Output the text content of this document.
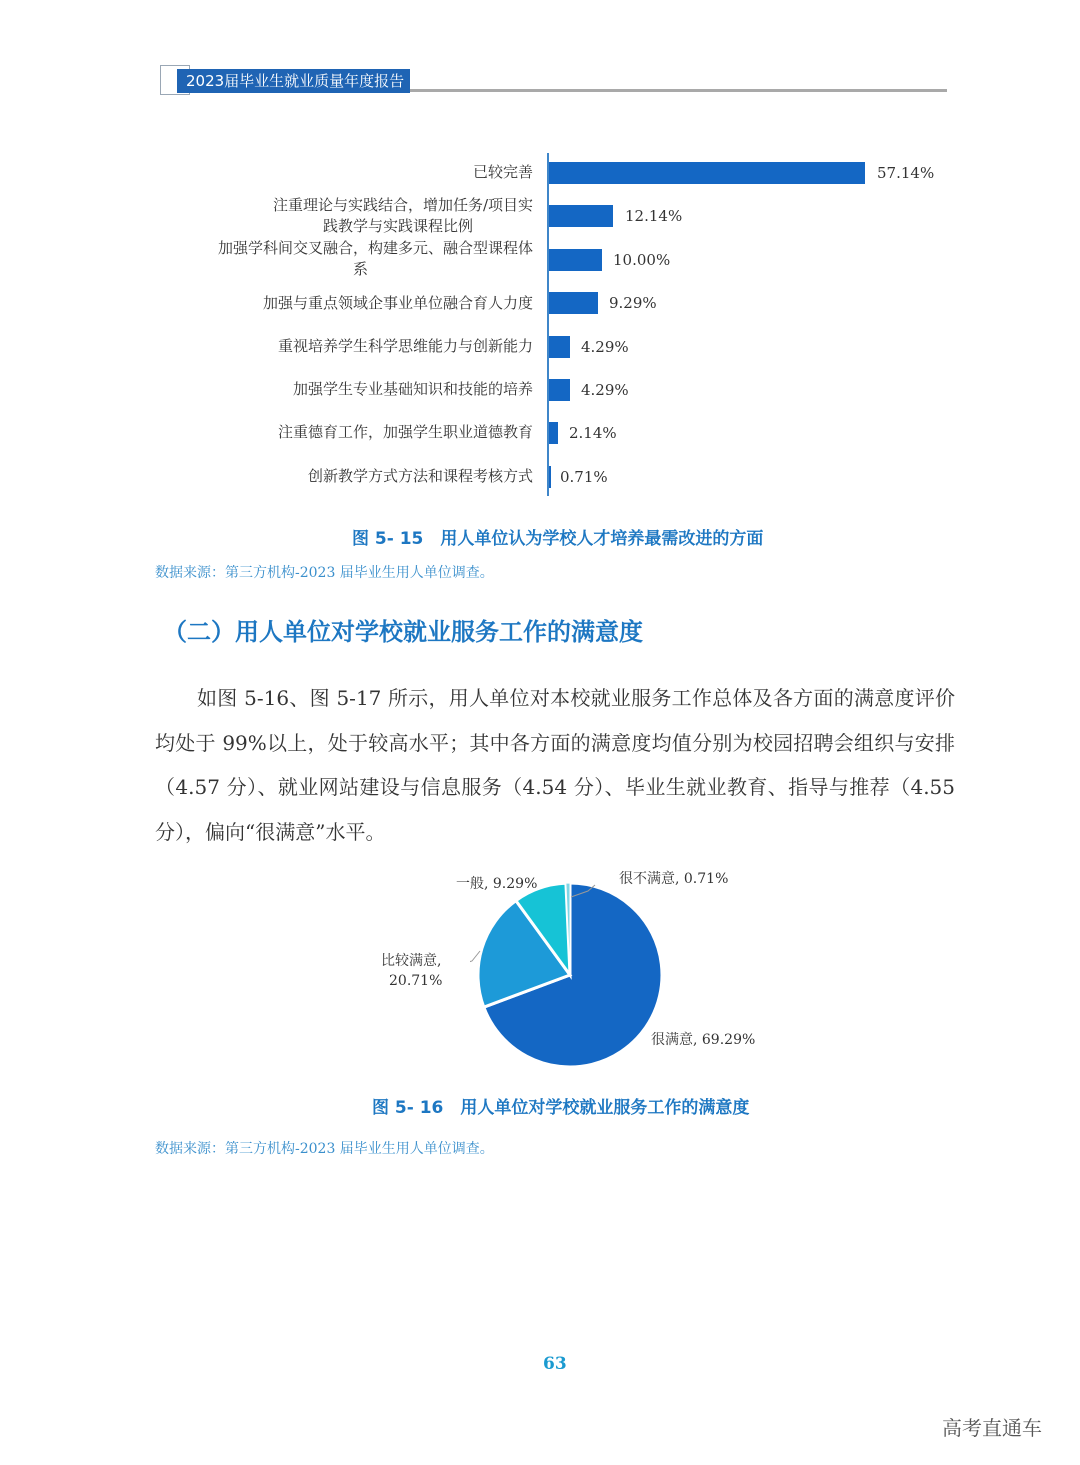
2023届毕业生就业质量年度报告
已较完善
注重理论与实践结合，增加任务/项目实
践教学与实践课程比例
加强学科间交叉融合，构建多元、融合型课程体
系
加强与重点领域企事业单位融合育人力度
重视培养学生科学思维能力与创新能力
加强学生专业基础知识和技能的培养
注重德育工作，加强学生职业道德教育
创新教学方式方法和课程考核方式
57.14%
12.14%
10.00%
9.29%
4.29%
4.29%
2.14%
0.71%
图 5- 15　用人单位认为学校人才培养最需改进的方面
数据来源：第三方机构-2023 届毕业生用人单位调查。
（二）用人单位对学校就业服务工作的满意度

如图 5-16、图 5-17 所示，用人单位对本校就业服务工作总体及各方面的满意度评价均处于 99%以上，处于较高水平；其中各方面的满意度均值分别为校园招聘会组织与安排（4.57 分）、就业网站建设与信息服务（4.54 分）、毕业生就业教育、指导与推荐（4.55 分），偏向“很满意”水平。

一般, 9.29%	很不满意, 0.71%
比较满意,
20.71%
很满意, 69.29%
图 5- 16　用人单位对学校就业服务工作的满意度
数据来源：第三方机构-2023 届毕业生用人单位调查。
63
高考直通车
